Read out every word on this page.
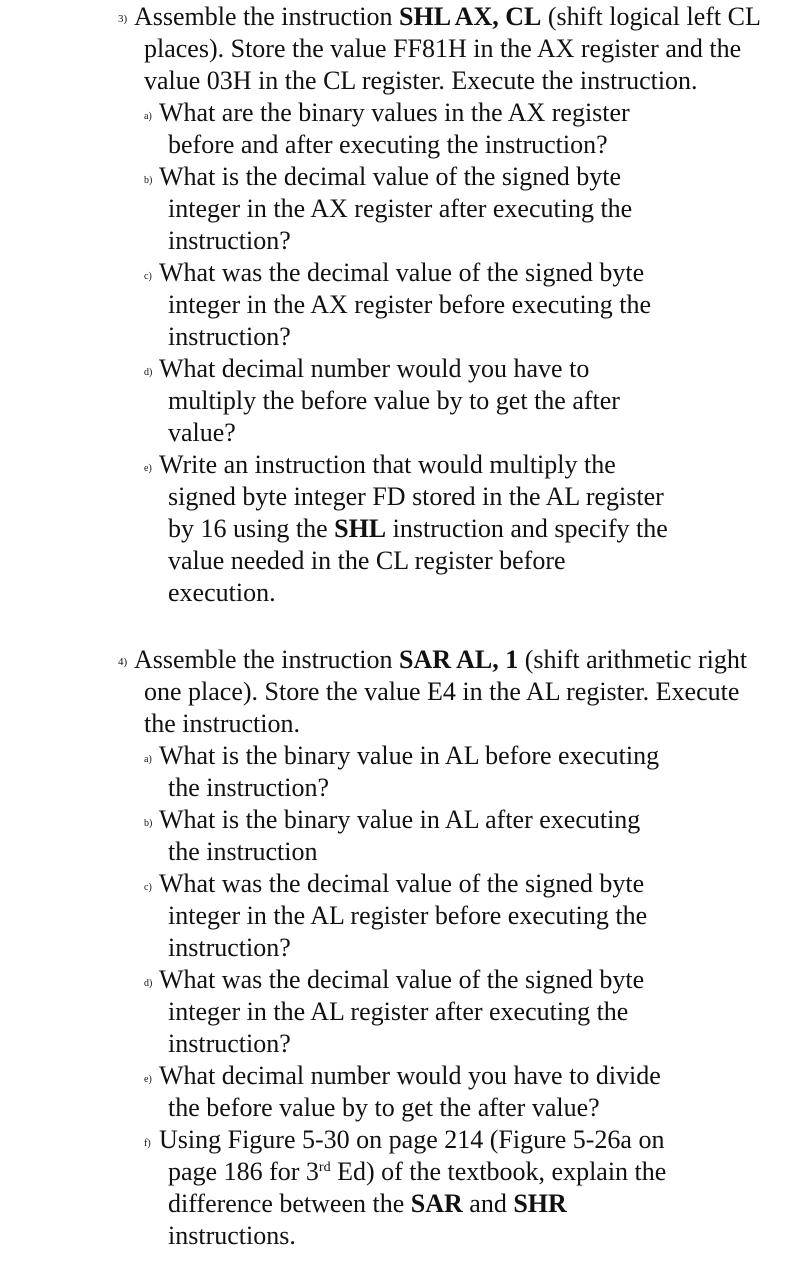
3) Assemble the instruction SHL AX, CL (shift logical left CL places). Store the value FF81H in the AX register and the value 03H in the CL register. Execute the instruction.
a) What are the binary values in the AX register before and after executing the instruction?
b) What is the decimal value of the signed byte integer in the AX register after executing the instruction?
c) What was the decimal value of the signed byte integer in the AX register before executing the instruction?
d) What decimal number would you have to multiply the before value by to get the after value?
e) Write an instruction that would multiply the signed byte integer FD stored in the AL register by 16 using the SHL instruction and specify the value needed in the CL register before execution.
4) Assemble the instruction SAR AL, 1 (shift arithmetic right one place). Store the value E4 in the AL register. Execute the instruction.
a) What is the binary value in AL before executing the instruction?
b) What is the binary value in AL after executing the instruction
c) What was the decimal value of the signed byte integer in the AL register before executing the instruction?
d) What was the decimal value of the signed byte integer in the AL register after executing the instruction?
e) What decimal number would you have to divide the before value by to get the after value?
f) Using Figure 5-30 on page 214 (Figure 5-26a on page 186 for 3rd Ed) of the textbook, explain the difference between the SAR and SHR instructions.
